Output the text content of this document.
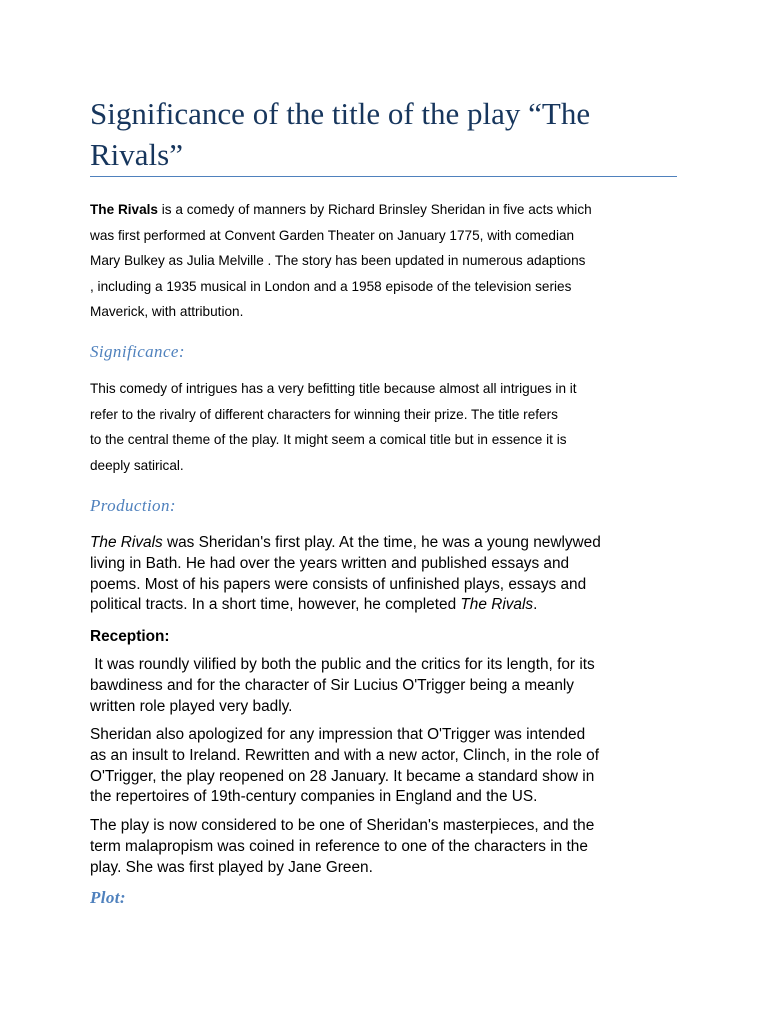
Significance of the title of the play “The
Rivals”

The Rivals is a comedy of manners by Richard Brinsley Sheridan in five acts which
was first performed at Convent Garden Theater on January 1775, with comedian
Mary Bulkey as Julia Melville . The story has been updated in numerous adaptions
, including a 1935 musical in London and a 1958 episode of the television series
Maverick, with attribution.

Significance:

This comedy of intrigues has a very befitting title because almost all intrigues in it
refer to the rivalry of different characters for winning their prize. The title refers
to the central theme of the play. It might seem a comical title but in essence it is
deeply satirical.

Production:

The Rivals was Sheridan's first play. At the time, he was a young newlywed
living in Bath. He had over the years written and published essays and
poems. Most of his papers were consists of unfinished plays, essays and
political tracts. In a short time, however, he completed The Rivals.

Reception:

It was roundly vilified by both the public and the critics for its length, for its
bawdiness and for the character of Sir Lucius O'Trigger being a meanly
written role played very badly.

Sheridan also apologized for any impression that O'Trigger was intended
as an insult to Ireland. Rewritten and with a new actor, Clinch, in the role of
O'Trigger, the play reopened on 28 January. It became a standard show in
the repertoires of 19th-century companies in England and the US.

The play is now considered to be one of Sheridan's masterpieces, and the
term malapropism was coined in reference to one of the characters in the
play. She was first played by Jane Green.

Plot:
